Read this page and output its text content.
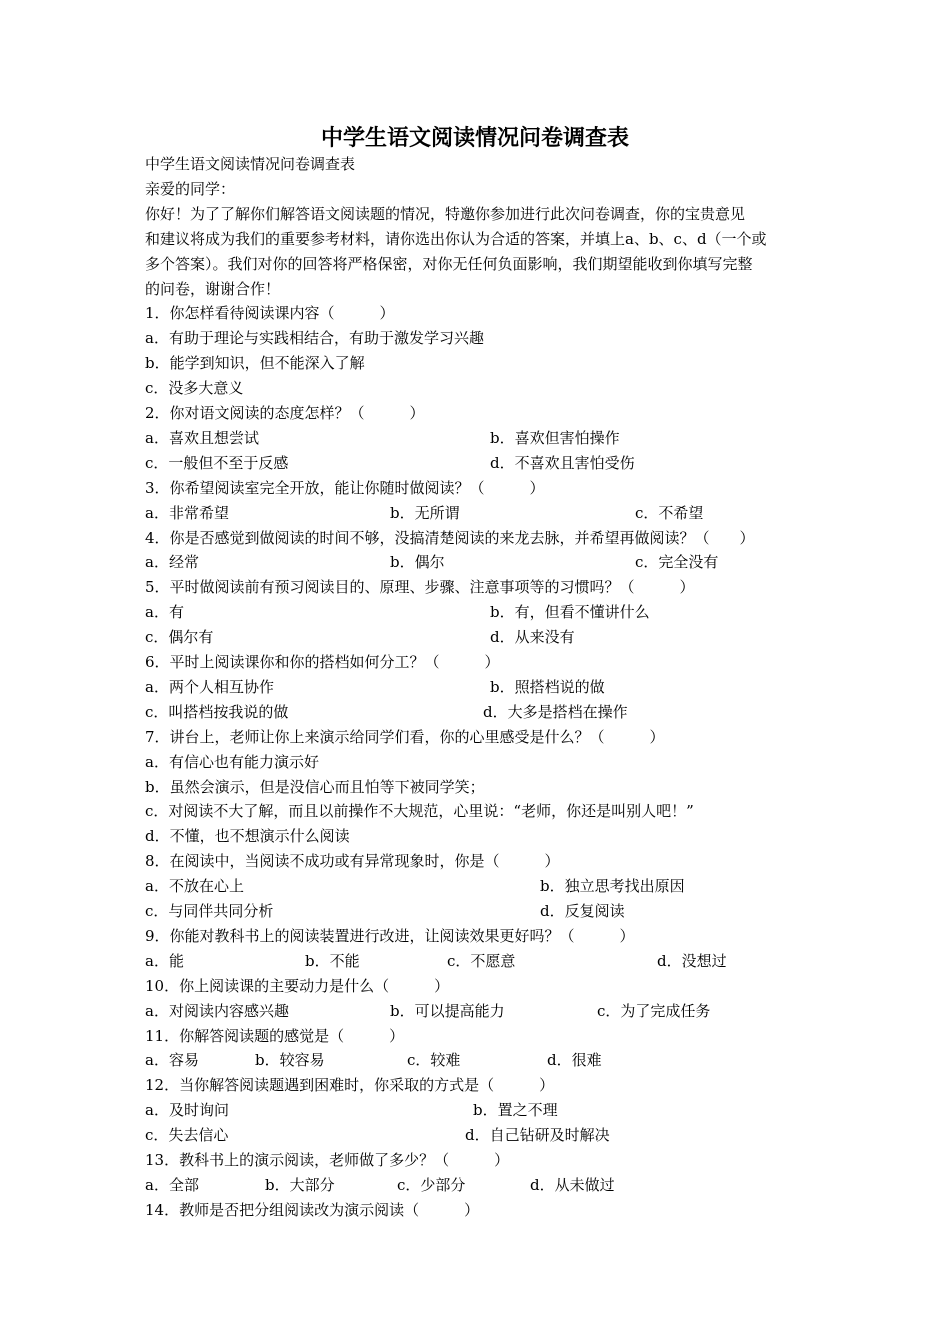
中学生语文阅读情况问卷调查表
中学生语文阅读情况问卷调查表
亲爱的同学：
你好！为了了解你们解答语文阅读题的情况，特邀你参加进行此次问卷调查，你的宝贵意见
和建议将成为我们的重要参考材料，请你选出你认为合适的答案，并填上a、b、c、d（一个或
多个答案）。我们对你的回答将严格保密，对你无任何负面影响，我们期望能收到你填写完整
的问卷，谢谢合作！
1．你怎样看待阅读课内容（　　　）
a．有助于理论与实践相结合，有助于激发学习兴趣
b．能学到知识，但不能深入了解
c．没多大意义
2．你对语文阅读的态度怎样？（　　　）
a．喜欢且想尝试	b．喜欢但害怕操作
c．一般但不至于反感	d．不喜欢且害怕受伤
3．你希望阅读室完全开放，能让你随时做阅读？（　　　）
a．非常希望	b．无所谓	c．不希望
4．你是否感觉到做阅读的时间不够，没搞清楚阅读的来龙去脉，并希望再做阅读？（　　）
a．经常	b．偶尔	c．完全没有
5．平时做阅读前有预习阅读目的、原理、步骤、注意事项等的习惯吗？（　　　）
a．有	b．有，但看不懂讲什么
c．偶尔有	d．从来没有
6．平时上阅读课你和你的搭档如何分工？（　　　）
a．两个人相互协作	b．照搭档说的做
c．叫搭档按我说的做	d．大多是搭档在操作
7．讲台上，老师让你上来演示给同学们看，你的心里感受是什么？（　　　）
a．有信心也有能力演示好
b．虽然会演示，但是没信心而且怕等下被同学笑；
c．对阅读不大了解，而且以前操作不大规范，心里说：“老师，你还是叫别人吧！”
d．不懂，也不想演示什么阅读
8．在阅读中，当阅读不成功或有异常现象时，你是（　　　）
a．不放在心上	b．独立思考找出原因
c．与同伴共同分析	d．反复阅读
9．你能对教科书上的阅读装置进行改进，让阅读效果更好吗？（　　　）
a．能	b．不能	c．不愿意	d．没想过
10．你上阅读课的主要动力是什么（　　　）
a．对阅读内容感兴趣	b．可以提高能力	c．为了完成任务
11．你解答阅读题的感觉是（　　　）
a．容易	b．较容易	c．较难	d．很难
12．当你解答阅读题遇到困难时，你采取的方式是（　　　）
a．及时询问	b．置之不理
c．失去信心	d．自己钻研及时解决
13．教科书上的演示阅读，老师做了多少？（　　　）
a．全部	b．大部分	c．少部分	d．从未做过
14．教师是否把分组阅读改为演示阅读（　　　）
